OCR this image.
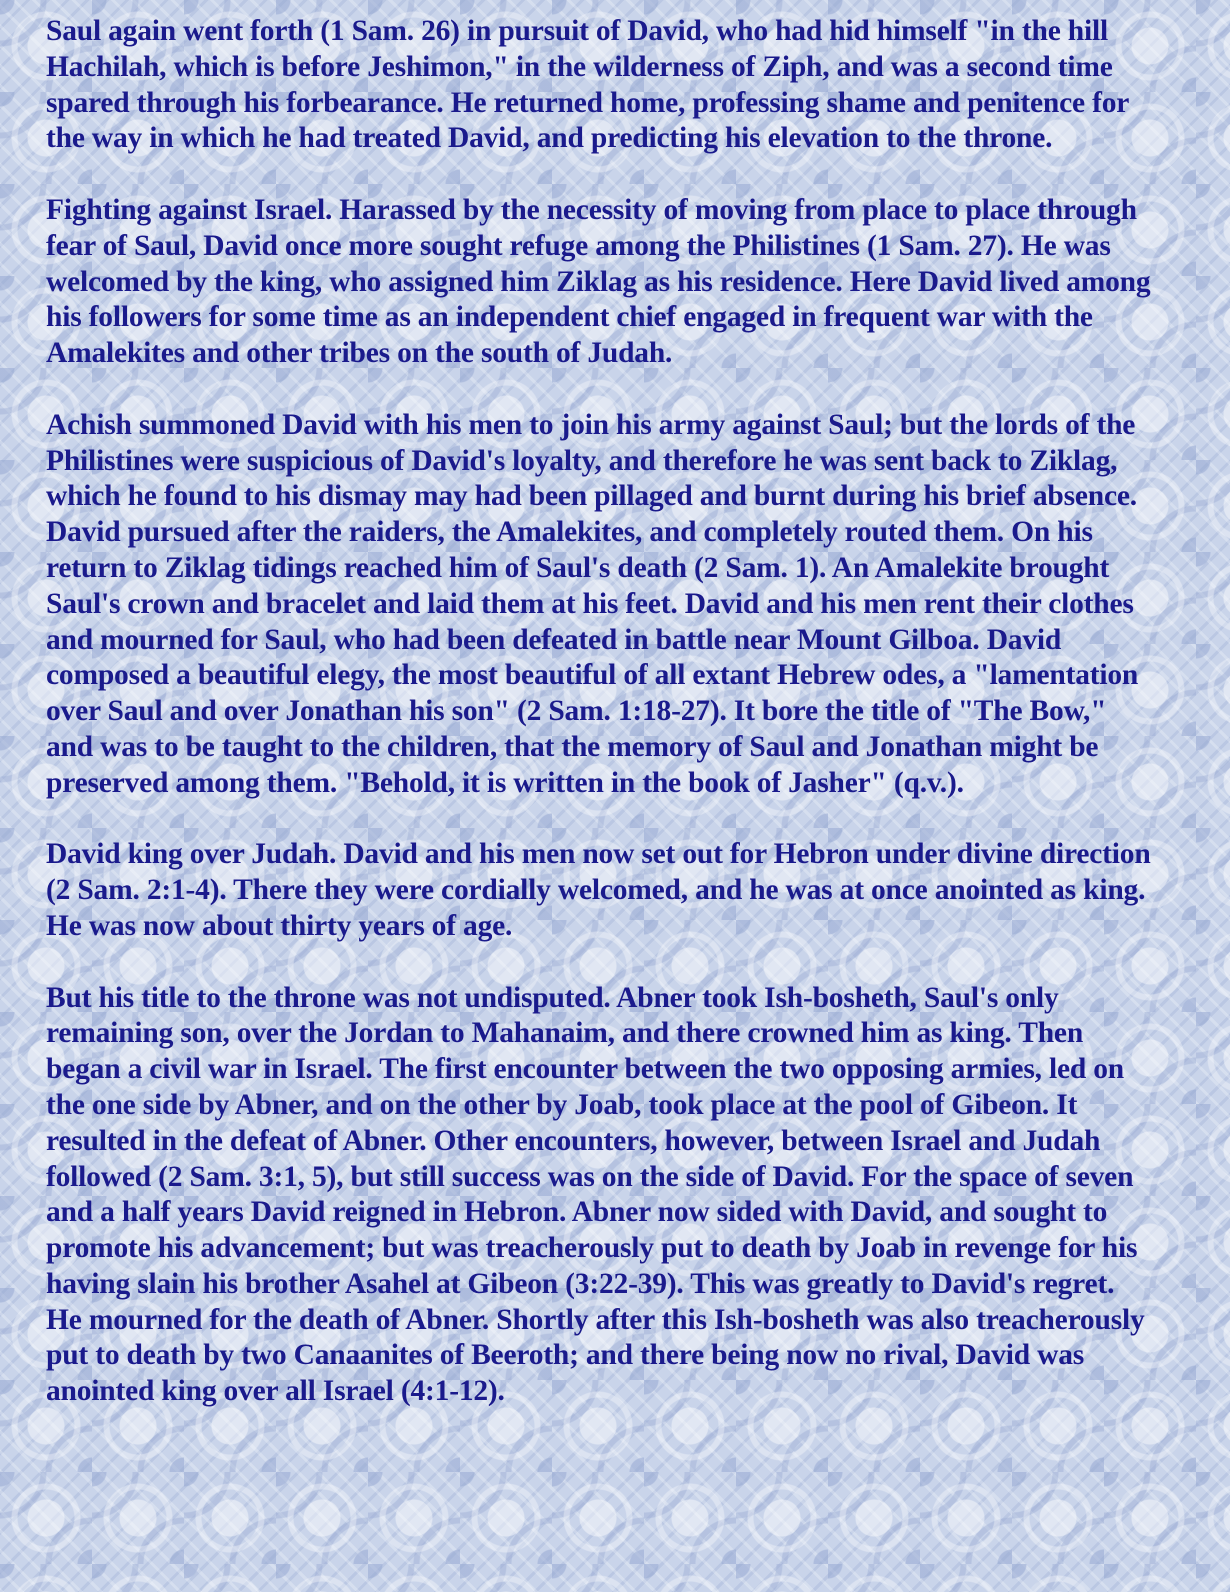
Saul again went forth (1 Sam. 26) in pursuit of David, who had hid himself "in the hill Hachilah, which is before Jeshimon," in the wilderness of Ziph, and was a second time spared through his forbearance. He returned home, professing shame and penitence for the way in which he had treated David, and predicting his elevation to the throne.

Fighting against Israel. Harassed by the necessity of moving from place to place through fear of Saul, David once more sought refuge among the Philistines (1 Sam. 27). He was welcomed by the king, who assigned him Ziklag as his residence. Here David lived among his followers for some time as an independent chief engaged in frequent war with the Amalekites and other tribes on the south of Judah.

Achish summoned David with his men to join his army against Saul; but the lords of the Philistines were suspicious of David's loyalty, and therefore he was sent back to Ziklag, which he found to his dismay may had been pillaged and burnt during his brief absence. David pursued after the raiders, the Amalekites, and completely routed them. On his return to Ziklag tidings reached him of Saul's death (2 Sam. 1). An Amalekite brought Saul's crown and bracelet and laid them at his feet. David and his men rent their clothes and mourned for Saul, who had been defeated in battle near Mount Gilboa. David composed a beautiful elegy, the most beautiful of all extant Hebrew odes, a "lamentation over Saul and over Jonathan his son" (2 Sam. 1:18-27). It bore the title of "The Bow," and was to be taught to the children, that the memory of Saul and Jonathan might be preserved among them. "Behold, it is written in the book of Jasher" (q.v.).

David king over Judah. David and his men now set out for Hebron under divine direction (2 Sam. 2:1-4). There they were cordially welcomed, and he was at once anointed as king. He was now about thirty years of age.

But his title to the throne was not undisputed. Abner took Ish-bosheth, Saul's only remaining son, over the Jordan to Mahanaim, and there crowned him as king. Then began a civil war in Israel. The first encounter between the two opposing armies, led on the one side by Abner, and on the other by Joab, took place at the pool of Gibeon. It resulted in the defeat of Abner. Other encounters, however, between Israel and Judah followed (2 Sam. 3:1, 5), but still success was on the side of David. For the space of seven and a half years David reigned in Hebron. Abner now sided with David, and sought to promote his advancement; but was treacherously put to death by Joab in revenge for his having slain his brother Asahel at Gibeon (3:22-39). This was greatly to David's regret. He mourned for the death of Abner. Shortly after this Ish-bosheth was also treacherously put to death by two Canaanites of Beeroth; and there being now no rival, David was anointed king over all Israel (4:1-12).
